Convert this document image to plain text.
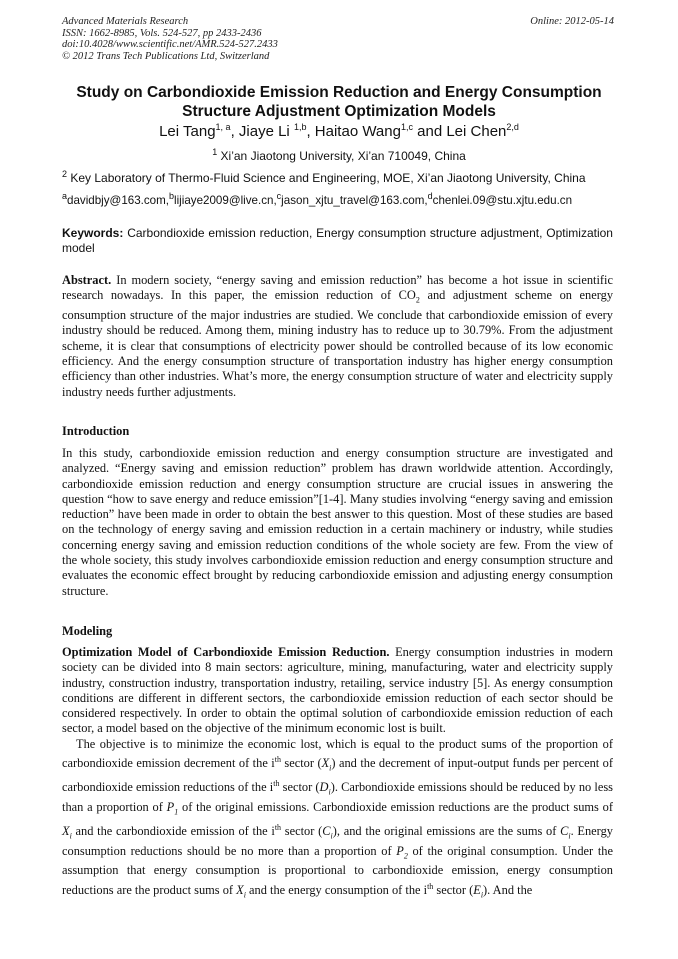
Advanced Materials Research
ISSN: 1662-8985, Vols. 524-527, pp 2433-2436
doi:10.4028/www.scientific.net/AMR.524-527.2433
© 2012 Trans Tech Publications Ltd, Switzerland
Online: 2012-05-14
Study on Carbondioxide Emission Reduction and Energy Consumption Structure Adjustment Optimization Models
Lei Tang$^{1, a}$, Jiaye Li $^{1,b}$, Haitao Wang$^{1,c}$ and Lei Chen$^{2,d}$
$^1$ Xi’an Jiaotong University, Xi’an 710049, China
$^2$ Key Laboratory of Thermo-Fluid Science and Engineering, MOE, Xi’an Jiaotong University, China
$^a$davidbjy@163.com,$^b$lijiaye2009@live.cn,$^c$jason_xjtu_travel@163.com,$^d$chenlei.09@stu.xjtu.edu.cn
Keywords: Carbondioxide emission reduction, Energy consumption structure adjustment, Optimization model

Abstract. In modern society, “energy saving and emission reduction” has become a hot issue in scientific research nowadays. In this paper, the emission reduction of $CO_2$ and adjustment scheme on energy consumption structure of the major industries are studied. We conclude that carbondioxide emission of every industry should be reduced. Among them, mining industry has to reduce up to 30.79%. From the adjustment scheme, it is clear that consumptions of electricity power should be controlled because of its low economic efficiency. And the energy consumption structure of transportation industry has higher energy consumption efficiency than other industries. What’s more, the energy consumption structure of water and electricity supply industry needs further adjustments.

Introduction

In this study, carbondioxide emission reduction and energy consumption structure are investigated and analyzed. “Energy saving and emission reduction” problem has drawn worldwide attention. Accordingly, carbondioxide emission reduction and energy consumption structure are crucial issues in answering the question “how to save energy and reduce emission”[1-4]. Many studies involving “energy saving and emission reduction” have been made in order to obtain the best answer to this question. Most of these studies are based on the technology of energy saving and emission reduction in a certain machinery or industry, while studies concerning energy saving and emission reduction conditions of the whole society are few. From the view of the whole society, this study involves carbondioxide emission reduction and energy consumption structure and evaluates the economic effect brought by reducing carbondioxide emission and adjusting energy consumption structure.

Modeling

Optimization Model of Carbondioxide Emission Reduction. Energy consumption industries in modern society can be divided into 8 main sectors: agriculture, mining, manufacturing, water and electricity supply industry, construction industry, transportation industry, retailing, service industry [5]. As energy consumption conditions are different in different sectors, the carbondioxide emission reduction of each sector should be considered respectively. In order to obtain the optimal solution of carbondioxide emission reduction of each sector, a model based on the objective of the minimum economic lost is built.

The objective is to minimize the economic lost, which is equal to the product sums of the proportion of carbondioxide emission decrement of the $i^{th}$ sector $(X_i)$ and the decrement of input-output funds per percent of carbondioxide emission reductions of the $i^{th}$ sector $(D_i)$. Carbondioxide emissions should be reduced by no less than a proportion of $P_1$ of the original emissions. Carbondioxide emission reductions are the product sums of $X_i$ and the carbondioxide emission of the $i^{th}$ sector $(C_i)$, and the original emissions are the sums of $C_i$. Energy consumption reductions should be no more than a proportion of $P_2$ of the original consumption. Under the assumption that energy consumption is proportional to carbondioxide emission, energy consumption reductions are the product sums of $X_i$ and the energy consumption of the $i^{th}$ sector $(E_i)$. And the
